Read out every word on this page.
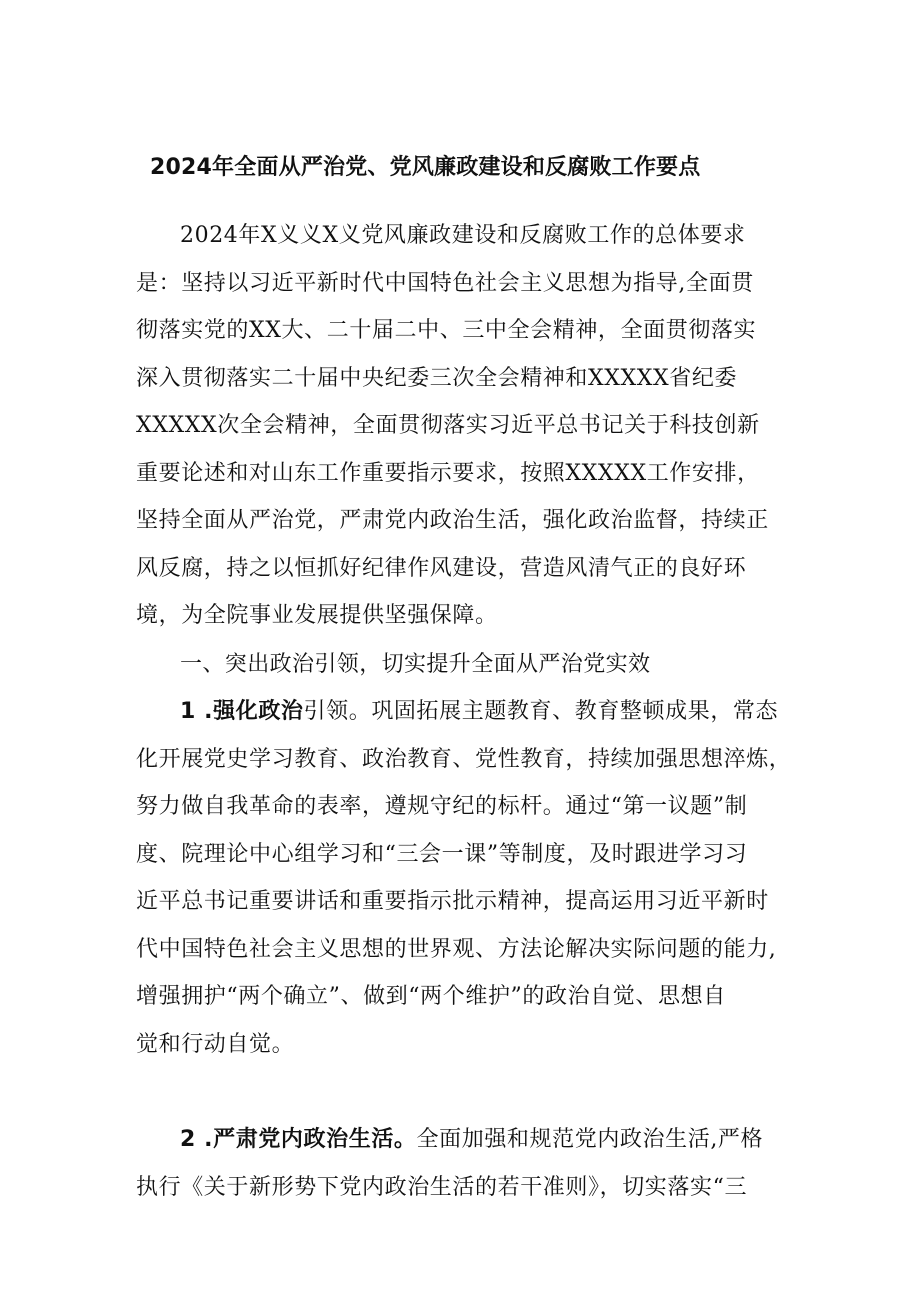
2024年全面从严治党、党风廉政建设和反腐败工作要点
2024年X义义X义党风廉政建设和反腐败工作的总体要求
是：坚持以习近平新时代中国特色社会主义思想为指导,全面贯
彻落实党的XX大、二十届二中、三中全会精神，全面贯彻落实
深入贯彻落实二十届中央纪委三次全会精神和XXXXX省纪委
XXXXX次全会精神，全面贯彻落实习近平总书记关于科技创新
重要论述和对山东工作重要指示要求，按照XXXXX工作安排，
坚持全面从严治党，严肃党内政治生活，强化政治监督，持续正
风反腐，持之以恒抓好纪律作风建设，营造风清气正的良好环
境，为全院事业发展提供坚强保障。
一、突出政治引领，切实提升全面从严治党实效
1 .强化政治引领。巩固拓展主题教育、教育整顿成果，常态
化开展党史学习教育、政治教育、党性教育，持续加强思想淬炼，
努力做自我革命的表率，遵规守纪的标杆。通过“第一议题”制
度、院理论中心组学习和“三会一课”等制度，及时跟进学习习
近平总书记重要讲话和重要指示批示精神，提高运用习近平新时
代中国特色社会主义思想的世界观、方法论解决实际问题的能力,
增强拥护“两个确立”、做到“两个维护”的政治自觉、思想自
觉和行动自觉。
2 .严肃党内政治生活。全面加强和规范党内政治生活,严格
执行《关于新形势下党内政治生活的若干准则》，切实落实“三
